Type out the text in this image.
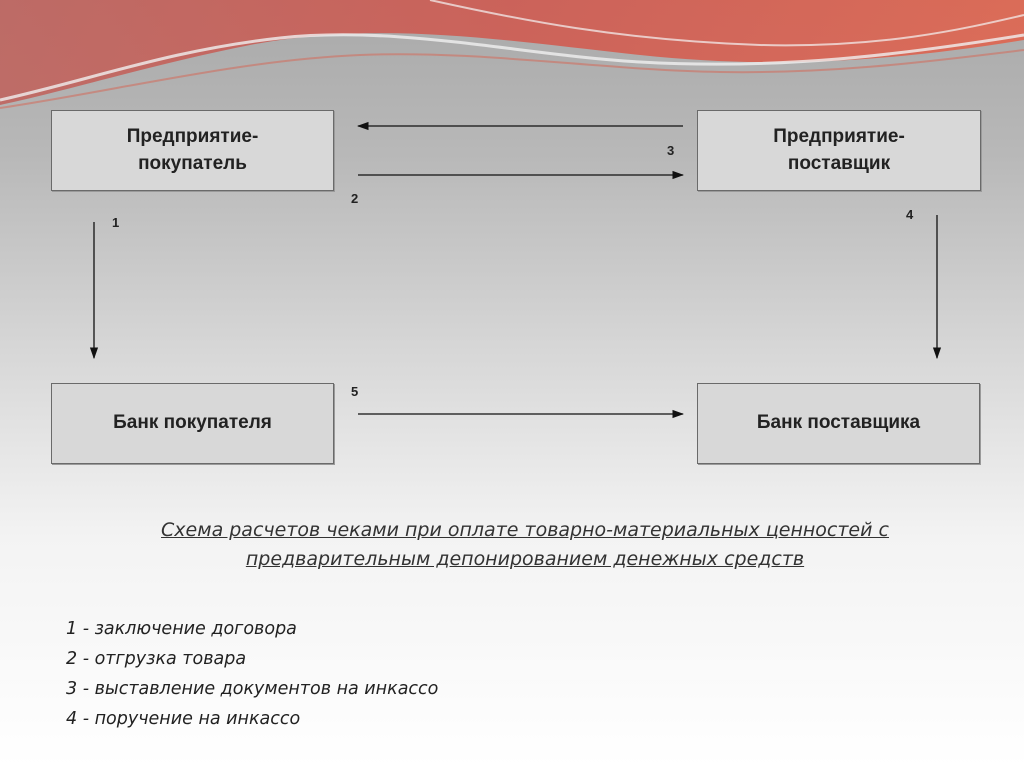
Предприятие-
покупатель
Предприятие-
поставщик
Банк покупателя	Банк поставщика
1
2
3
4
5
Схема расчетов чеками при оплате товарно-материальных ценностей с
предварительным депонированием денежных средств
1 - заключение договора
2 - отгрузка товара
3 - выставление документов на инкассо
4 - поручение на инкассо
